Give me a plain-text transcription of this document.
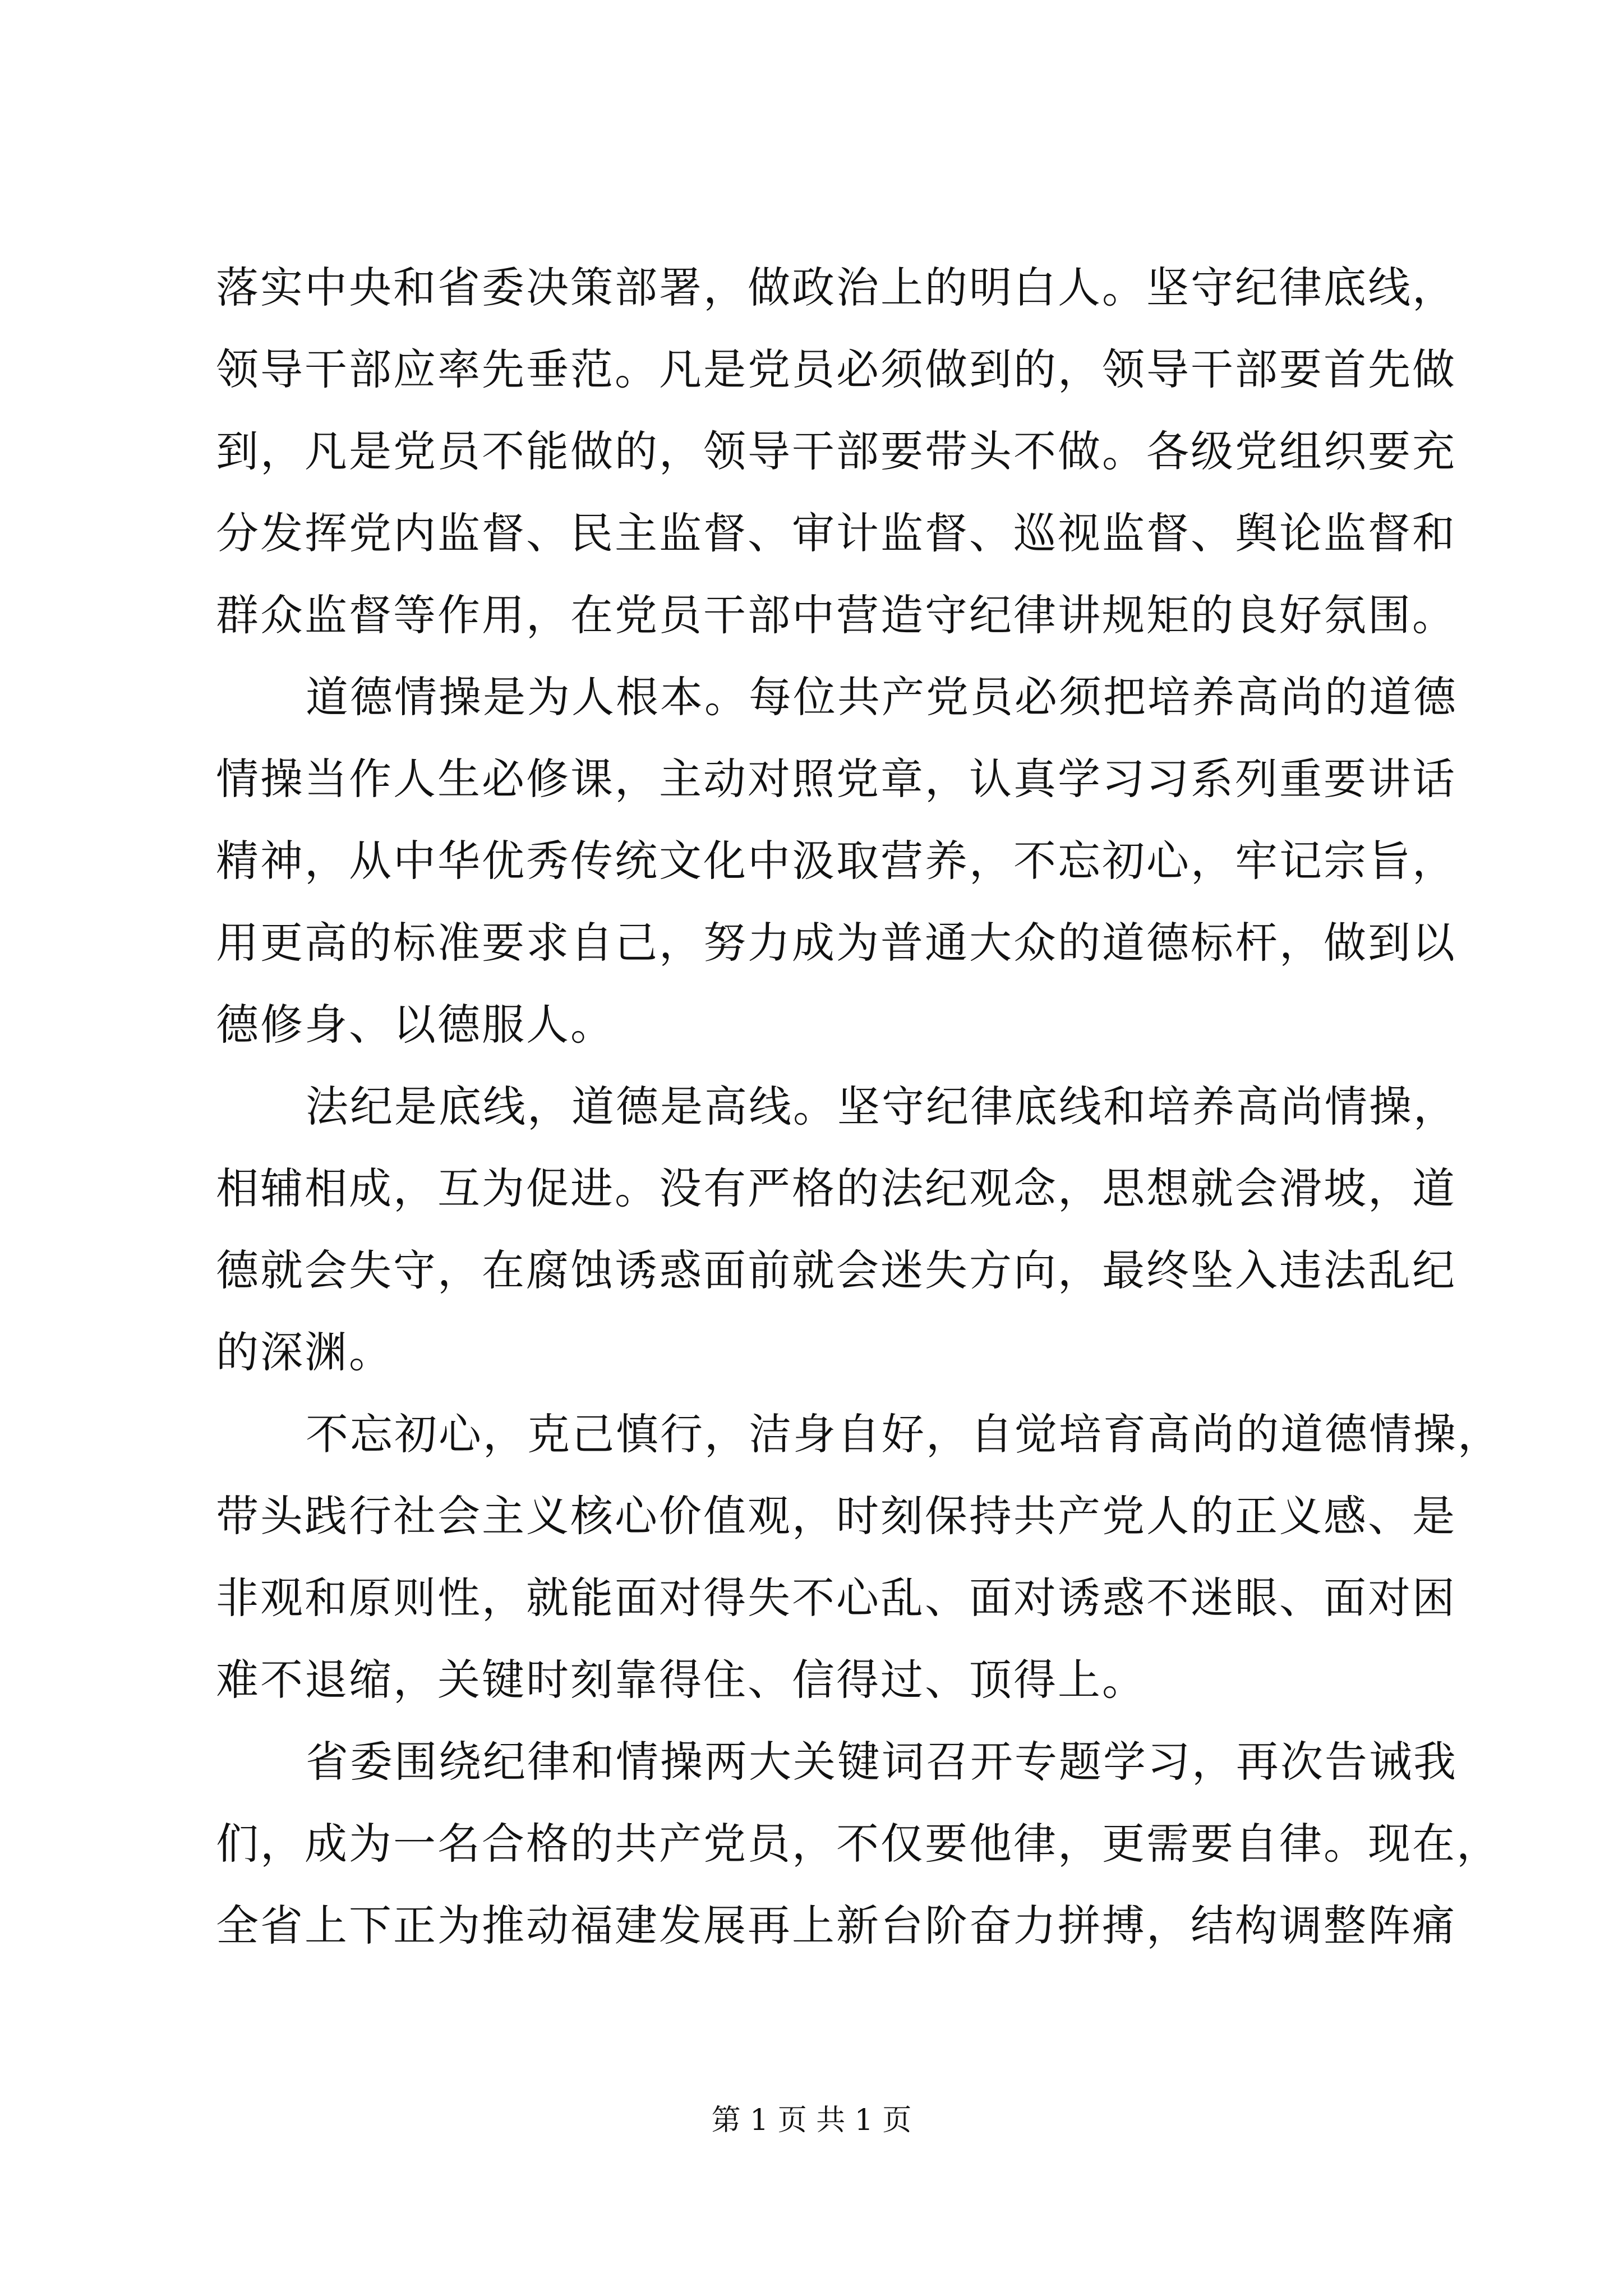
落实中央和省委决策部署，做政治上的明白人。坚守纪律底线，
领导干部应率先垂范。凡是党员必须做到的，领导干部要首先做
到，凡是党员不能做的，领导干部要带头不做。各级党组织要充
分发挥党内监督、民主监督、审计监督、巡视监督、舆论监督和
群众监督等作用，在党员干部中营造守纪律讲规矩的良好氛围。
道德情操是为人根本。每位共产党员必须把培养高尚的道德
情操当作人生必修课，主动对照党章，认真学习习系列重要讲话
精神，从中华优秀传统文化中汲取营养，不忘初心，牢记宗旨，
用更高的标准要求自己，努力成为普通大众的道德标杆，做到以
德修身、以德服人。
法纪是底线，道德是高线。坚守纪律底线和培养高尚情操，
相辅相成，互为促进。没有严格的法纪观念，思想就会滑坡，道
德就会失守，在腐蚀诱惑面前就会迷失方向，最终坠入违法乱纪
的深渊。
不忘初心，克己慎行，洁身自好，自觉培育高尚的道德情操，
带头践行社会主义核心价值观，时刻保持共产党人的正义感、是
非观和原则性，就能面对得失不心乱、面对诱惑不迷眼、面对困
难不退缩，关键时刻靠得住、信得过、顶得上。
省委围绕纪律和情操两大关键词召开专题学习，再次告诫我
们，成为一名合格的共产党员，不仅要他律，更需要自律。现在，
全省上下正为推动福建发展再上新台阶奋力拼搏，结构调整阵痛
第 1 页 共 1 页
